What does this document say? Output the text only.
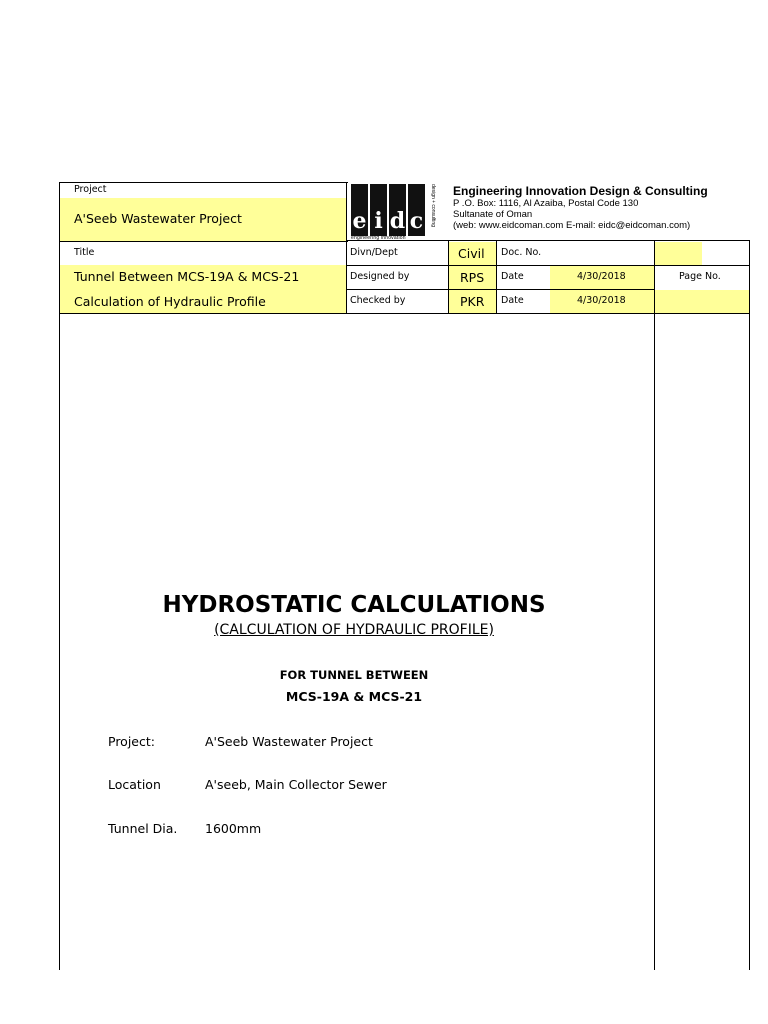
Project
A'Seeb Wastewater Project	e i d c
engineering innovation
design + consulting Engineering Innovation Design & Consulting
P .O. Box: 1116, Al Azaiba, Postal Code 130
Sultanate of Oman
(web: www.eidcoman.com E-mail: eidc@eidcoman.com)
Title
Tunnel Between MCS-19A & MCS-21
Calculation of Hydraulic Profile
Divn/Dept	Civil Doc. No.
Designed by	RPS Date	4/30/2018	Page No.
Checked by	PKR Date	4/30/2018
HYDROSTATIC CALCULATIONS
(CALCULATION OF HYDRAULIC PROFILE)
FOR TUNNEL BETWEEN
MCS-19A & MCS-21
Project:	A'Seeb Wastewater Project
Location	A'seeb, Main Collector Sewer
Tunnel Dia. 1600mm
